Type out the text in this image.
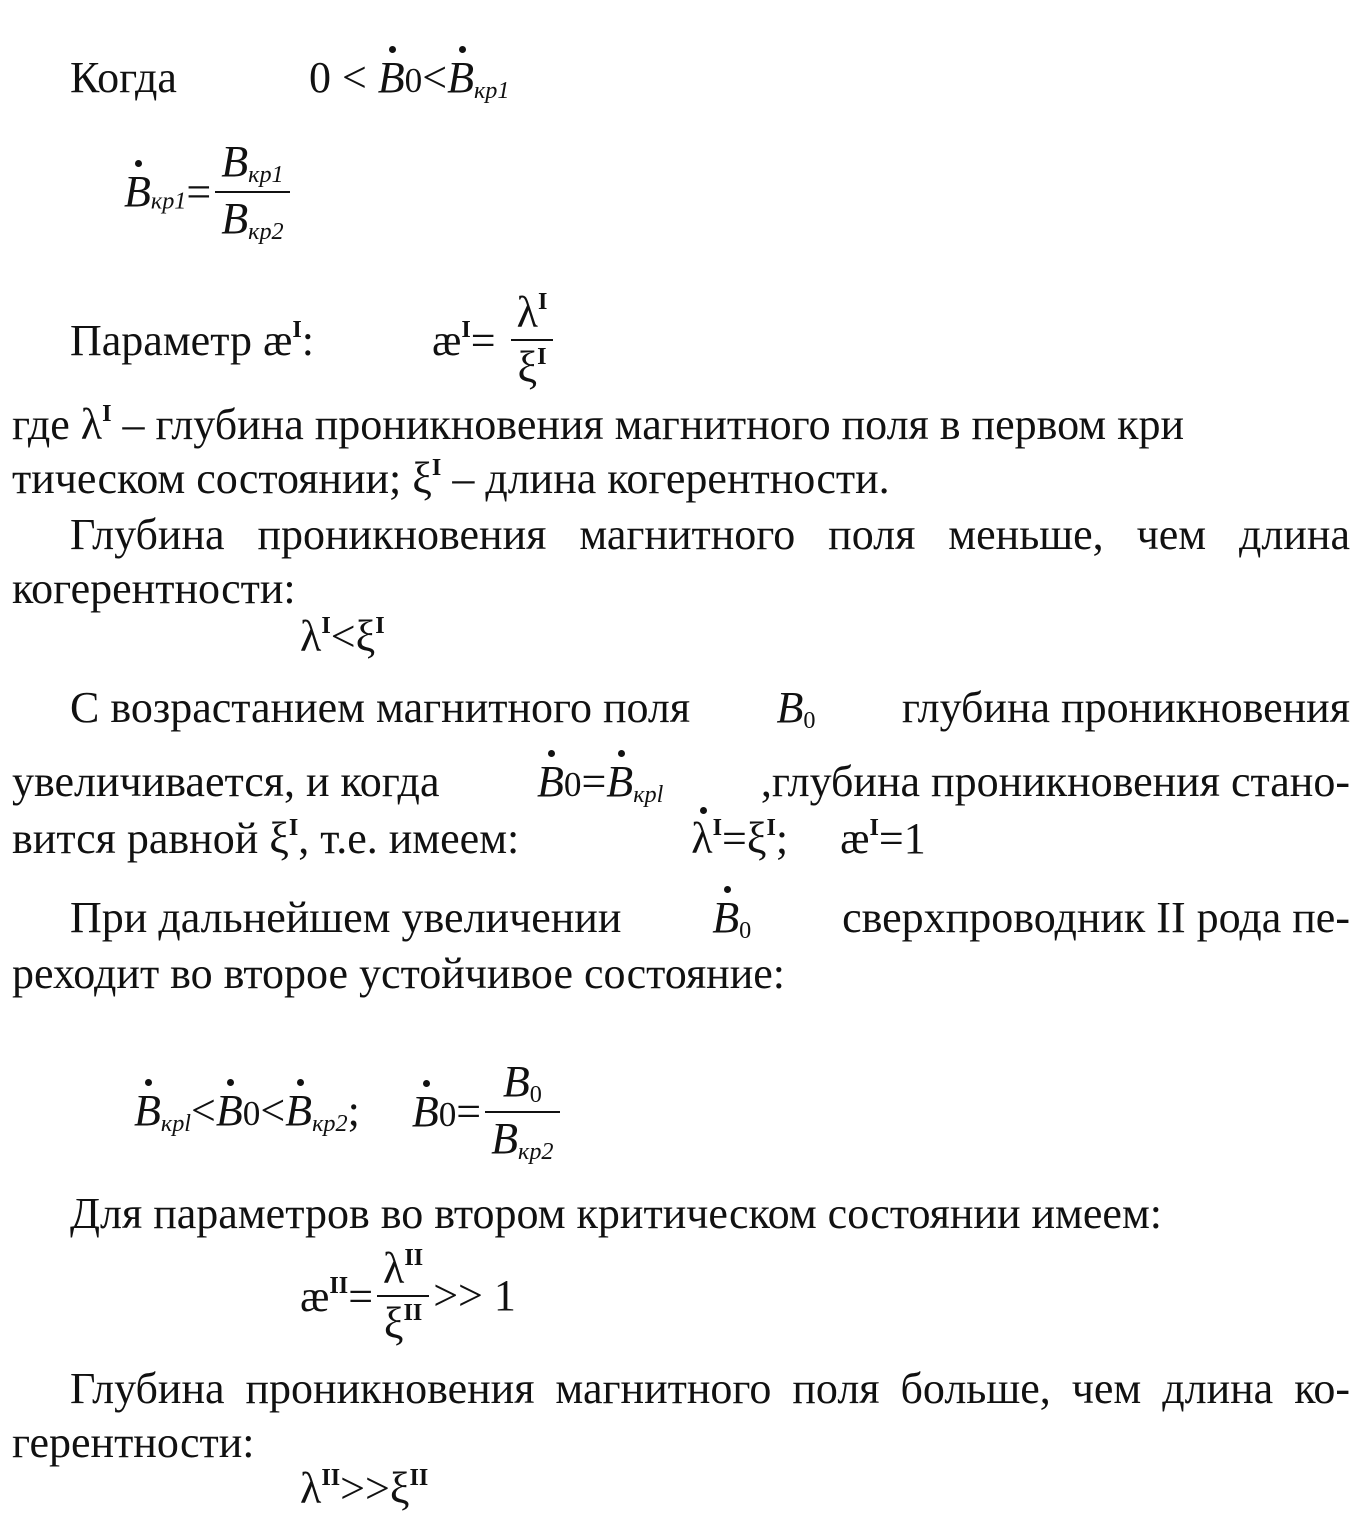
Когда	$0 < B0<B_{кр1}$
$B_{кр1}= \frac{B_{кр1}}{B_{кр2}}$
Параметр $æ^I$:	$æ^I= \frac{\lambda^I}{\xi^I}$
где $\lambda^I$ – глубина проникновения магнитного поля в первом кри
тическом состоянии; $\xi^I$ – длина когерентности.
Глубина проникновения магнитного поля меньше, чем длина когерентности:
$\lambda^I<\xi^I$
С возрастанием магнитного поля $B_0$ глубина проникновения
увеличивается, и когда $B0=B_{крl}$ ,глубина проникновения стано-
вится равной $\xi^I$, т.е. имеем:	$\lambda^I=\xi^I$; $æ^I=1$
При дальнейшем увеличении $B_0$ сверхпроводник II рода пе-
реходит во второе устойчивое состояние:
$B_{крl}<B0<B_{кр2}$; $B0= \frac{B_0}{B_{кр2}}$
Для параметров во втором критическом состоянии имеем:
$æ^{II}= \frac{\lambda^{II}}{\xi^{II}} >> 1$
Глубина проникновения магнитного поля больше, чем длина ко-герентности:
$\lambda^{II}>>\xi^{II}$
